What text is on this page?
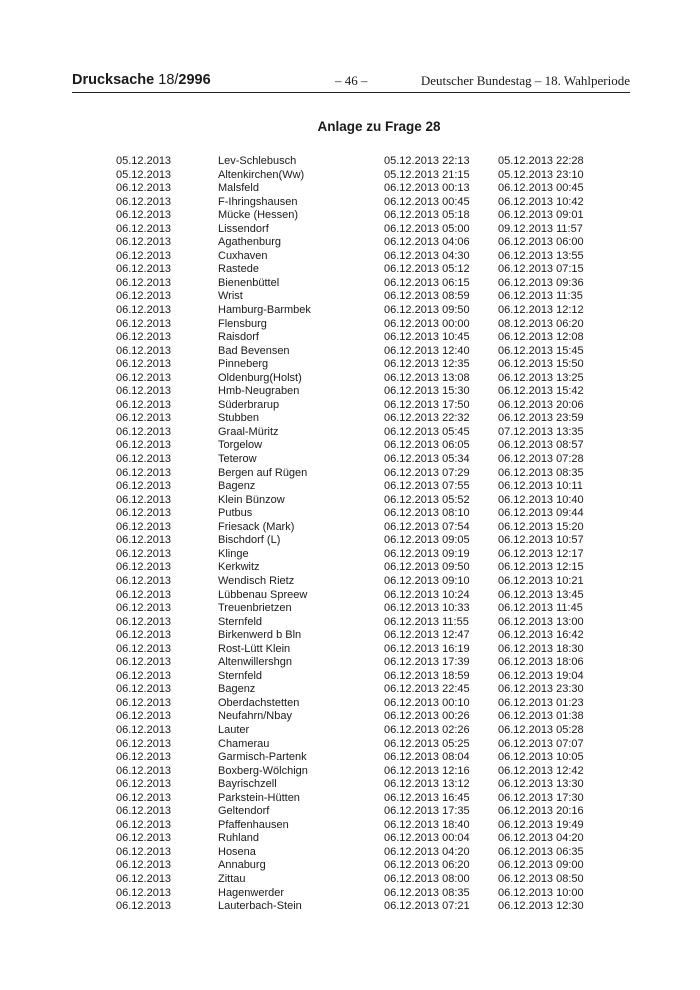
Drucksache 18/2996	– 46 –	Deutscher Bundestag – 18. Wahlperiode
Anlage zu Frage 28
05.12.2013	Lev-Schlebusch	05.12.2013 22:13	05.12.2013 22:28
05.12.2013	Altenkirchen(Ww)	05.12.2013 21:15	05.12.2013 23:10
06.12.2013	Malsfeld	06.12.2013 00:13	06.12.2013 00:45
06.12.2013	F-Ihringshausen	06.12.2013 00:45	06.12.2013 10:42
06.12.2013	Mücke (Hessen)	06.12.2013 05:18	06.12.2013 09:01
06.12.2013	Lissendorf	06.12.2013 05:00	09.12.2013 11:57
06.12.2013	Agathenburg	06.12.2013 04:06	06.12.2013 06:00
06.12.2013	Cuxhaven	06.12.2013 04:30	06.12.2013 13:55
06.12.2013	Rastede	06.12.2013 05:12	06.12.2013 07:15
06.12.2013	Bienenbüttel	06.12.2013 06:15	06.12.2013 09:36
06.12.2013	Wrist	06.12.2013 08:59	06.12.2013 11:35
06.12.2013	Hamburg-Barmbek	06.12.2013 09:50	06.12.2013 12:12
06.12.2013	Flensburg	06.12.2013 00:00	08.12.2013 06:20
06.12.2013	Raisdorf	06.12.2013 10:45	06.12.2013 12:08
06.12.2013	Bad Bevensen	06.12.2013 12:40	06.12.2013 15:45
06.12.2013	Pinneberg	06.12.2013 12:35	06.12.2013 15:50
06.12.2013	Oldenburg(Holst)	06.12.2013 13:08	06.12.2013 13:25
06.12.2013	Hmb-Neugraben	06.12.2013 15:30	06.12.2013 15:42
06.12.2013	Süderbrarup	06.12.2013 17:50	06.12.2013 20:06
06.12.2013	Stubben	06.12.2013 22:32	06.12.2013 23:59
06.12.2013	Graal-Müritz	06.12.2013 05:45	07.12.2013 13:35
06.12.2013	Torgelow	06.12.2013 06:05	06.12.2013 08:57
06.12.2013	Teterow	06.12.2013 05:34	06.12.2013 07:28
06.12.2013	Bergen auf Rügen	06.12.2013 07:29	06.12.2013 08:35
06.12.2013	Bagenz	06.12.2013 07:55	06.12.2013 10:11
06.12.2013	Klein Bünzow	06.12.2013 05:52	06.12.2013 10:40
06.12.2013	Putbus	06.12.2013 08:10	06.12.2013 09:44
06.12.2013	Friesack (Mark)	06.12.2013 07:54	06.12.2013 15:20
06.12.2013	Bischdorf (L)	06.12.2013 09:05	06.12.2013 10:57
06.12.2013	Klinge	06.12.2013 09:19	06.12.2013 12:17
06.12.2013	Kerkwitz	06.12.2013 09:50	06.12.2013 12:15
06.12.2013	Wendisch Rietz	06.12.2013 09:10	06.12.2013 10:21
06.12.2013	Lübbenau Spreew	06.12.2013 10:24	06.12.2013 13:45
06.12.2013	Treuenbrietzen	06.12.2013 10:33	06.12.2013 11:45
06.12.2013	Sternfeld	06.12.2013 11:55	06.12.2013 13:00
06.12.2013	Birkenwerd b Bln	06.12.2013 12:47	06.12.2013 16:42
06.12.2013	Rost-Lütt Klein	06.12.2013 16:19	06.12.2013 18:30
06.12.2013	Altenwillershgn	06.12.2013 17:39	06.12.2013 18:06
06.12.2013	Sternfeld	06.12.2013 18:59	06.12.2013 19:04
06.12.2013	Bagenz	06.12.2013 22:45	06.12.2013 23:30
06.12.2013	Oberdachstetten	06.12.2013 00:10	06.12.2013 01:23
06.12.2013	Neufahrn/Nbay	06.12.2013 00:26	06.12.2013 01:38
06.12.2013	Lauter	06.12.2013 02:26	06.12.2013 05:28
06.12.2013	Chamerau	06.12.2013 05:25	06.12.2013 07:07
06.12.2013	Garmisch-Partenk	06.12.2013 08:04	06.12.2013 10:05
06.12.2013	Boxberg-Wölchign	06.12.2013 12:16	06.12.2013 12:42
06.12.2013	Bayrischzell	06.12.2013 13:12	06.12.2013 13:30
06.12.2013	Parkstein-Hütten	06.12.2013 16:45	06.12.2013 17:30
06.12.2013	Geltendorf	06.12.2013 17:35	06.12.2013 20:16
06.12.2013	Pfaffenhausen	06.12.2013 18:40	06.12.2013 19:49
06.12.2013	Ruhland	06.12.2013 00:04	06.12.2013 04:20
06.12.2013	Hosena	06.12.2013 04:20	06.12.2013 06:35
06.12.2013	Annaburg	06.12.2013 06:20	06.12.2013 09:00
06.12.2013	Zittau	06.12.2013 08:00	06.12.2013 08:50
06.12.2013	Hagenwerder	06.12.2013 08:35	06.12.2013 10:00
06.12.2013	Lauterbach-Stein	06.12.2013 07:21	06.12.2013 12:30
